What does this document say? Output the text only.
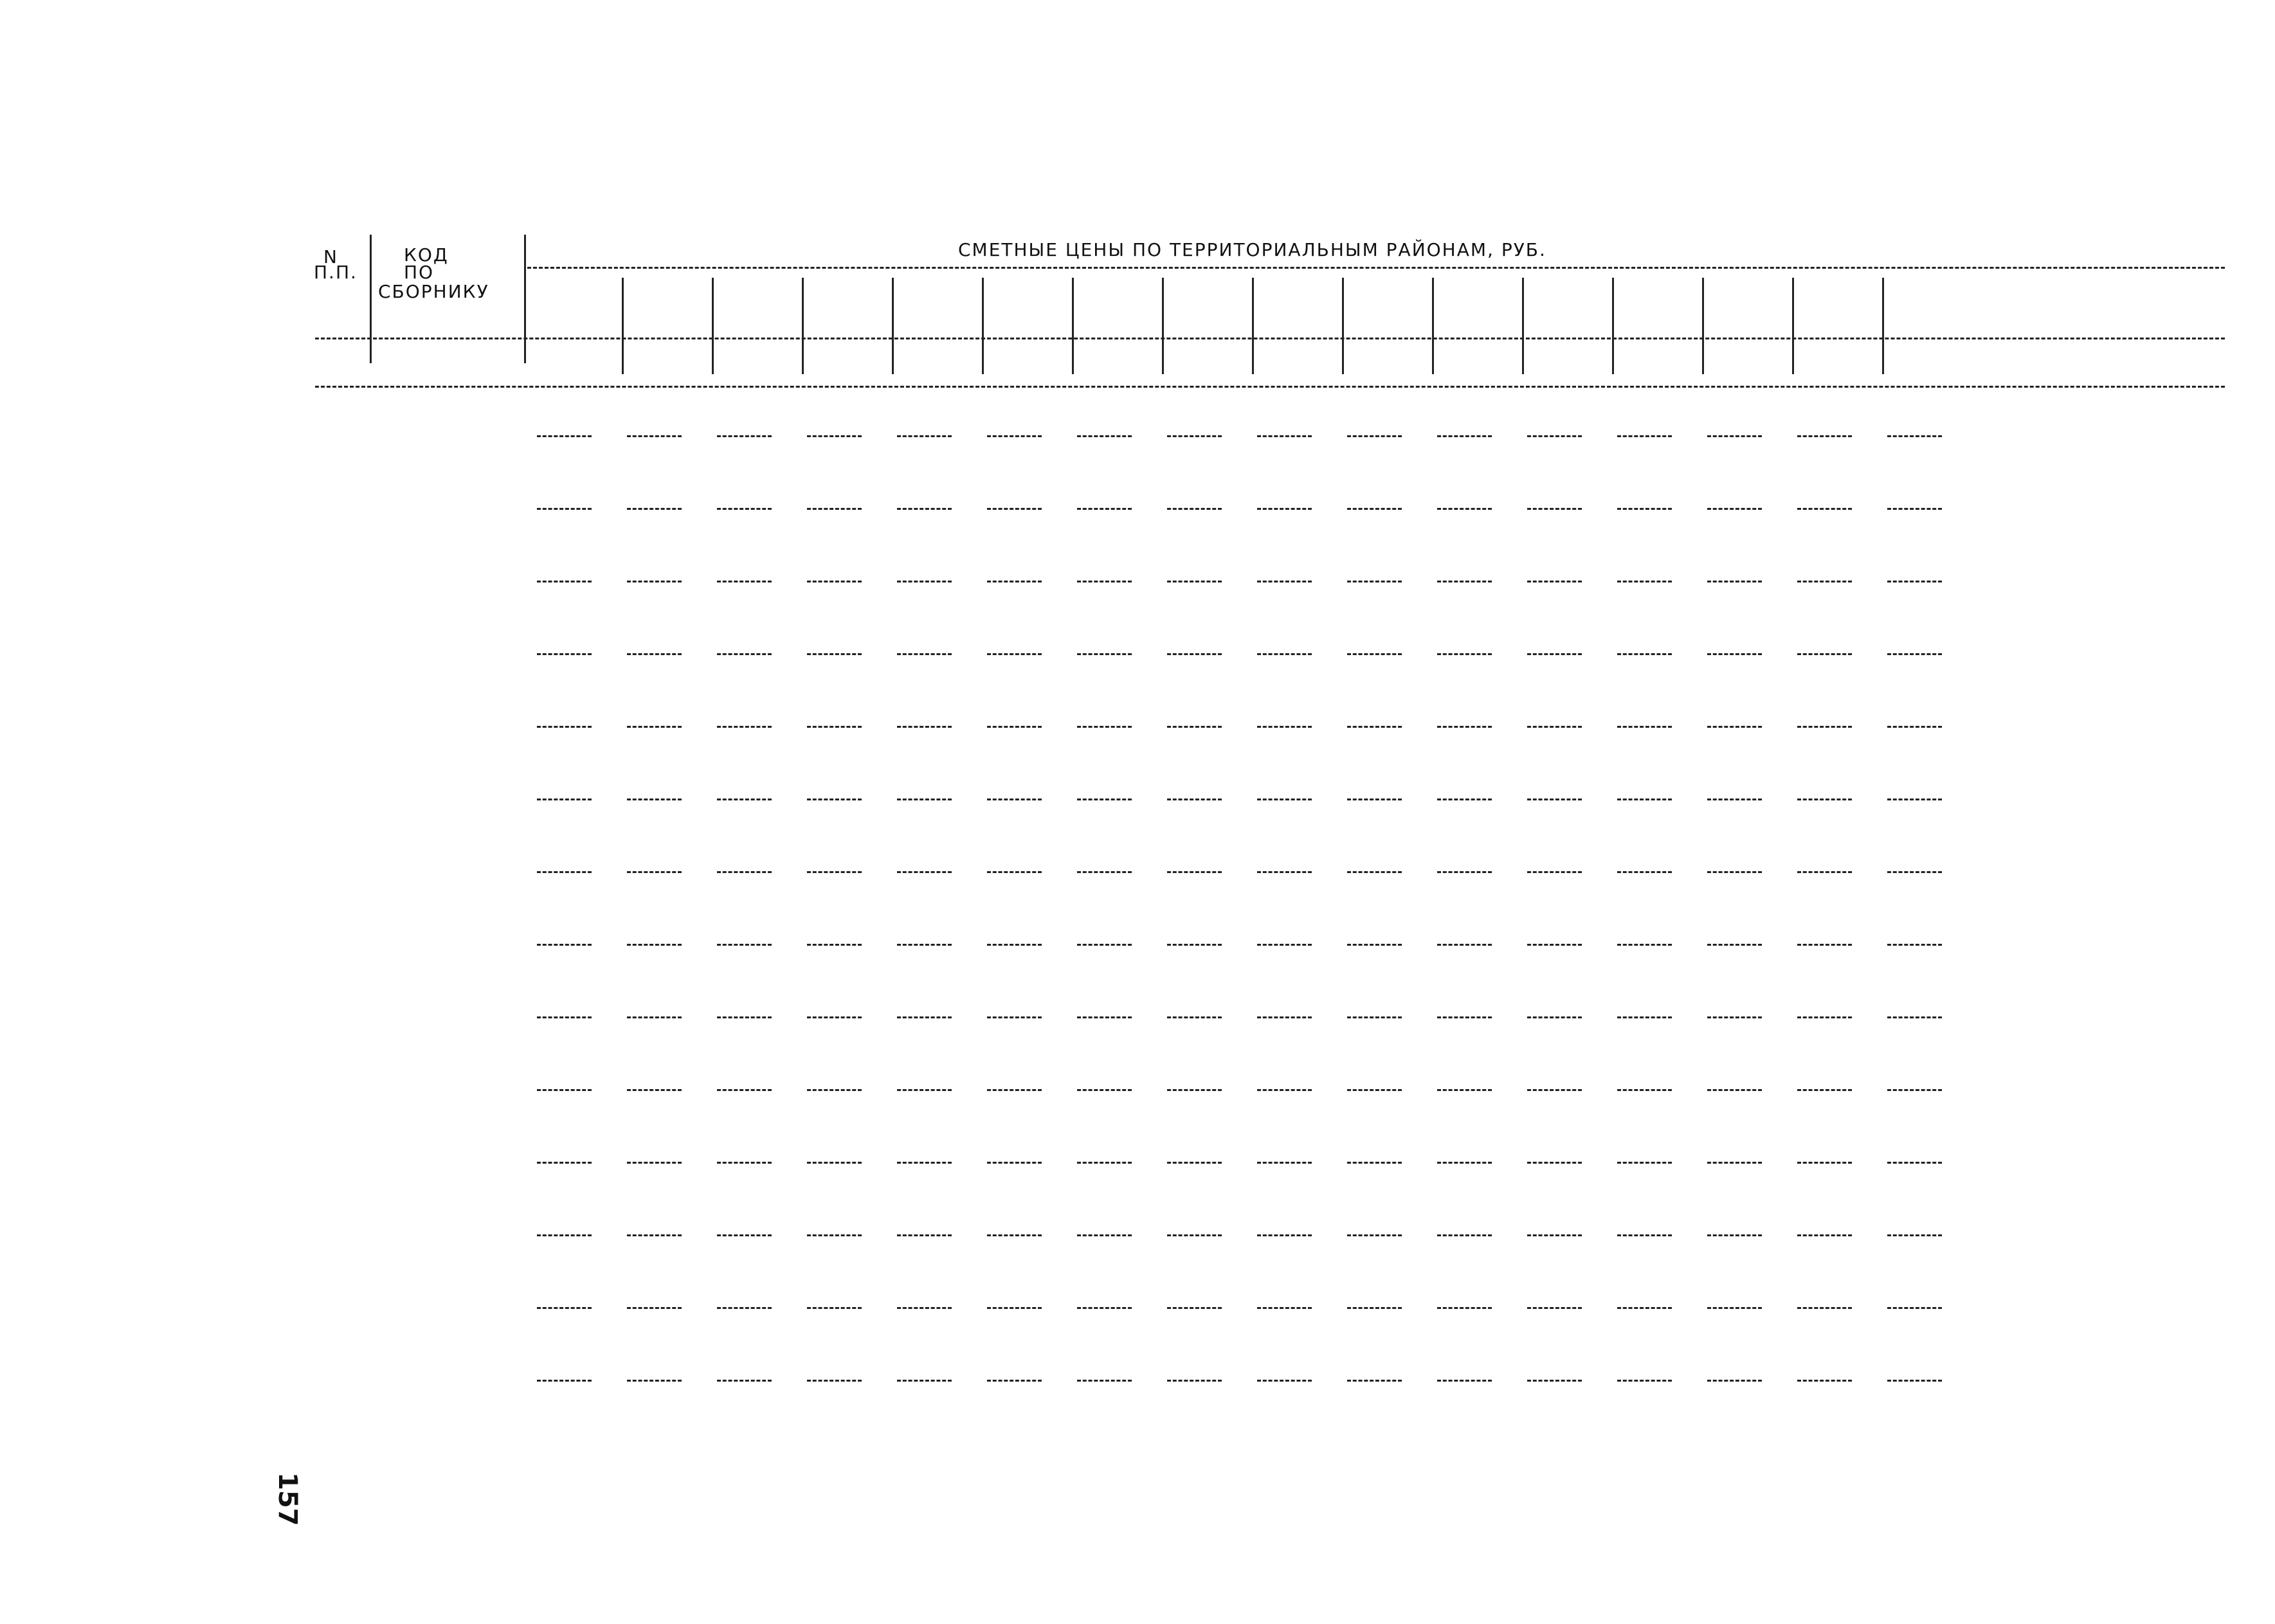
N
П.П.
КОД
ПО
СБОРНИКУ
СМЕТНЫЕ ЦЕНЫ ПО ТЕРРИТОРИАЛЬНЫМ РАЙОНАМ, РУБ.
157
